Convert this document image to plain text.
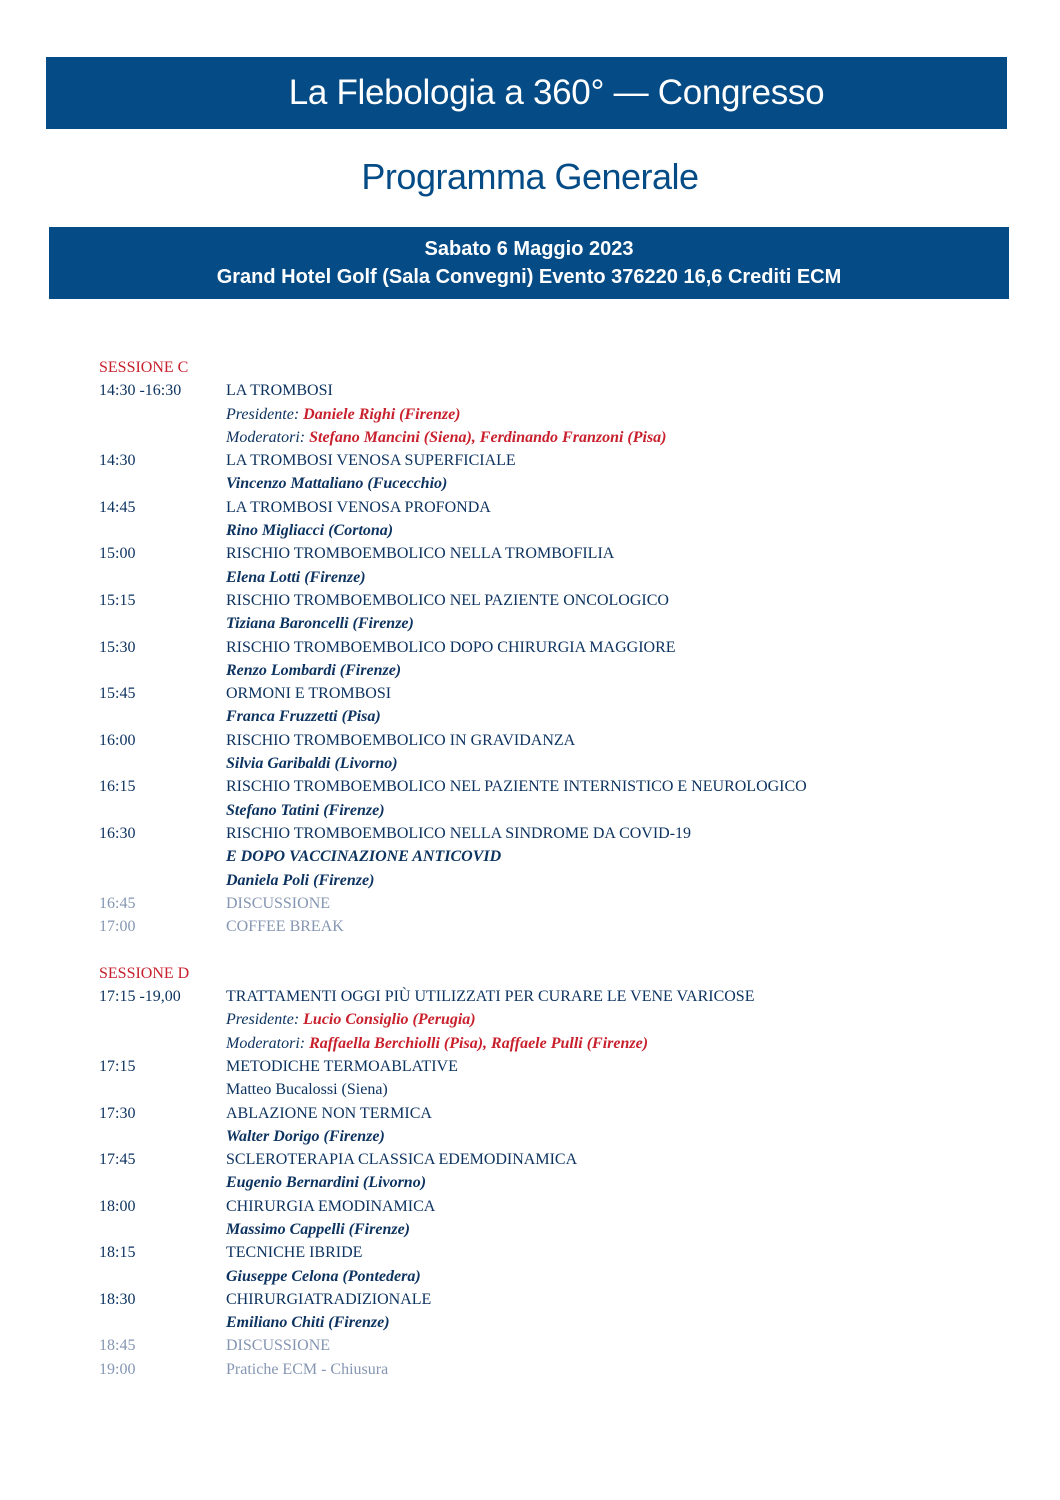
La Flebologia a 360° — Congresso
Programma Generale
Sabato 6 Maggio 2023
Grand Hotel Golf (Sala Convegni) Evento 376220 16,6 Crediti ECM
SESSIONE C
14:30 -16:30	LA TROMBOSI
Presidente: Daniele Righi (Firenze)
Moderatori: Stefano Mancini (Siena), Ferdinando Franzoni (Pisa)
14:30	LA TROMBOSI VENOSA SUPERFICIALE
Vincenzo Mattaliano (Fucecchio)
14:45	LA TROMBOSI VENOSA PROFONDA
Rino Migliacci (Cortona)
15:00	RISCHIO TROMBOEMBOLICO NELLA TROMBOFILIA
Elena Lotti (Firenze)
15:15	RISCHIO TROMBOEMBOLICO NEL PAZIENTE ONCOLOGICO
Tiziana Baroncelli (Firenze)
15:30	RISCHIO TROMBOEMBOLICO DOPO CHIRURGIA MAGGIORE
Renzo Lombardi (Firenze)
15:45	ORMONI E TROMBOSI
Franca Fruzzetti (Pisa)
16:00	RISCHIO TROMBOEMBOLICO IN GRAVIDANZA
Silvia Garibaldi (Livorno)
16:15	RISCHIO TROMBOEMBOLICO NEL PAZIENTE INTERNISTICO E NEUROLOGICO
Stefano Tatini (Firenze)
16:30	RISCHIO TROMBOEMBOLICO NELLA SINDROME DA COVID-19
E DOPO VACCINAZIONE ANTICOVID
Daniela Poli (Firenze)
16:45	DISCUSSIONE
17:00	COFFEE BREAK
SESSIONE D
17:15 -19,00	TRATTAMENTI OGGI PIÙ UTILIZZATI PER CURARE LE VENE VARICOSE
Presidente: Lucio Consiglio (Perugia)
Moderatori: Raffaella Berchiolli (Pisa), Raffaele Pulli (Firenze)
17:15	METODICHE TERMOABLATIVE
Matteo Bucalossi (Siena)
17:30	ABLAZIONE NON TERMICA
Walter Dorigo (Firenze)
17:45	SCLEROTERAPIA CLASSICA EDEMODINAMICA
Eugenio Bernardini (Livorno)
18:00	CHIRURGIA EMODINAMICA
Massimo Cappelli (Firenze)
18:15	TECNICHE IBRIDE
Giuseppe Celona (Pontedera)
18:30	CHIRURGIATRADIZIONALE
Emiliano Chiti (Firenze)
18:45	DISCUSSIONE
19:00	Pratiche ECM - Chiusura
